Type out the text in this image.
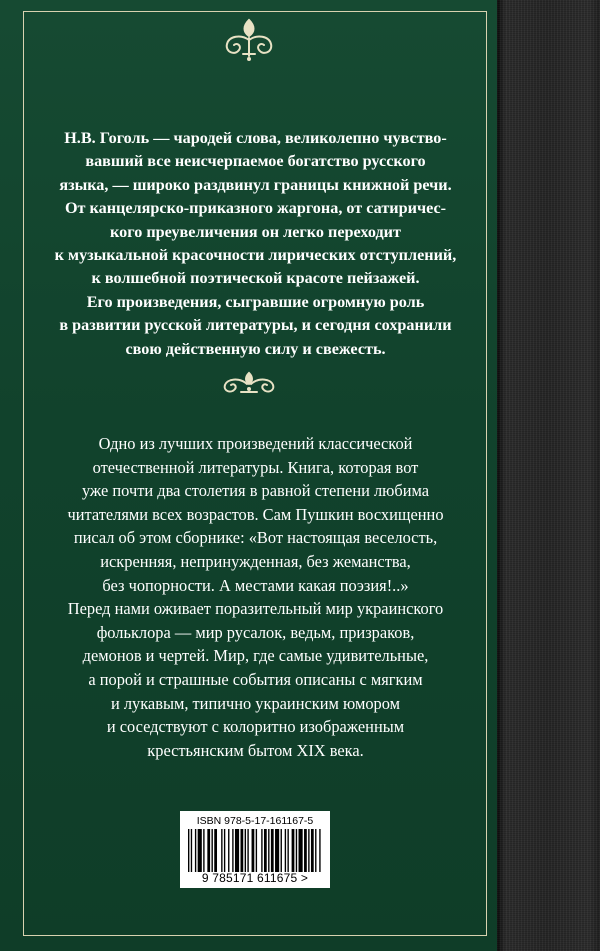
Н.В. Гоголь — чародей слова, великолепно чувство-
вавший все неисчерпаемое богатство русского
языка, — широко раздвинул границы книжной речи.
От канцелярско-приказного жаргона, от сатиричес-
кого преувеличения он легко переходит
к музыкальной красочности лирических отступлений,
к волшебной поэтической красоте пейзажей.
Его произведения, сыгравшие огромную роль
в развитии русской литературы, и сегодня сохранили
свою действенную силу и свежесть.

Одно из лучших произведений классической
отечественной литературы. Книга, которая вот
уже почти два столетия в равной степени любима
читателями всех возрастов. Сам Пушкин восхищенно
писал об этом сборнике: «Вот настоящая веселость,
искренняя, непринужденная, без жеманства,
без чопорности. А местами какая поэзия!..»
Перед нами оживает поразительный мир украинского
фольклора — мир русалок, ведьм, призраков,
демонов и чертей. Мир, где самые удивительные,
а порой и страшные события описаны с мягким
и лукавым, типично украинским юмором
и соседствуют с колоритно изображенным
крестьянским бытом XIX века.

ISBN 978-5-17-161167-5
9 785171 611675 >
